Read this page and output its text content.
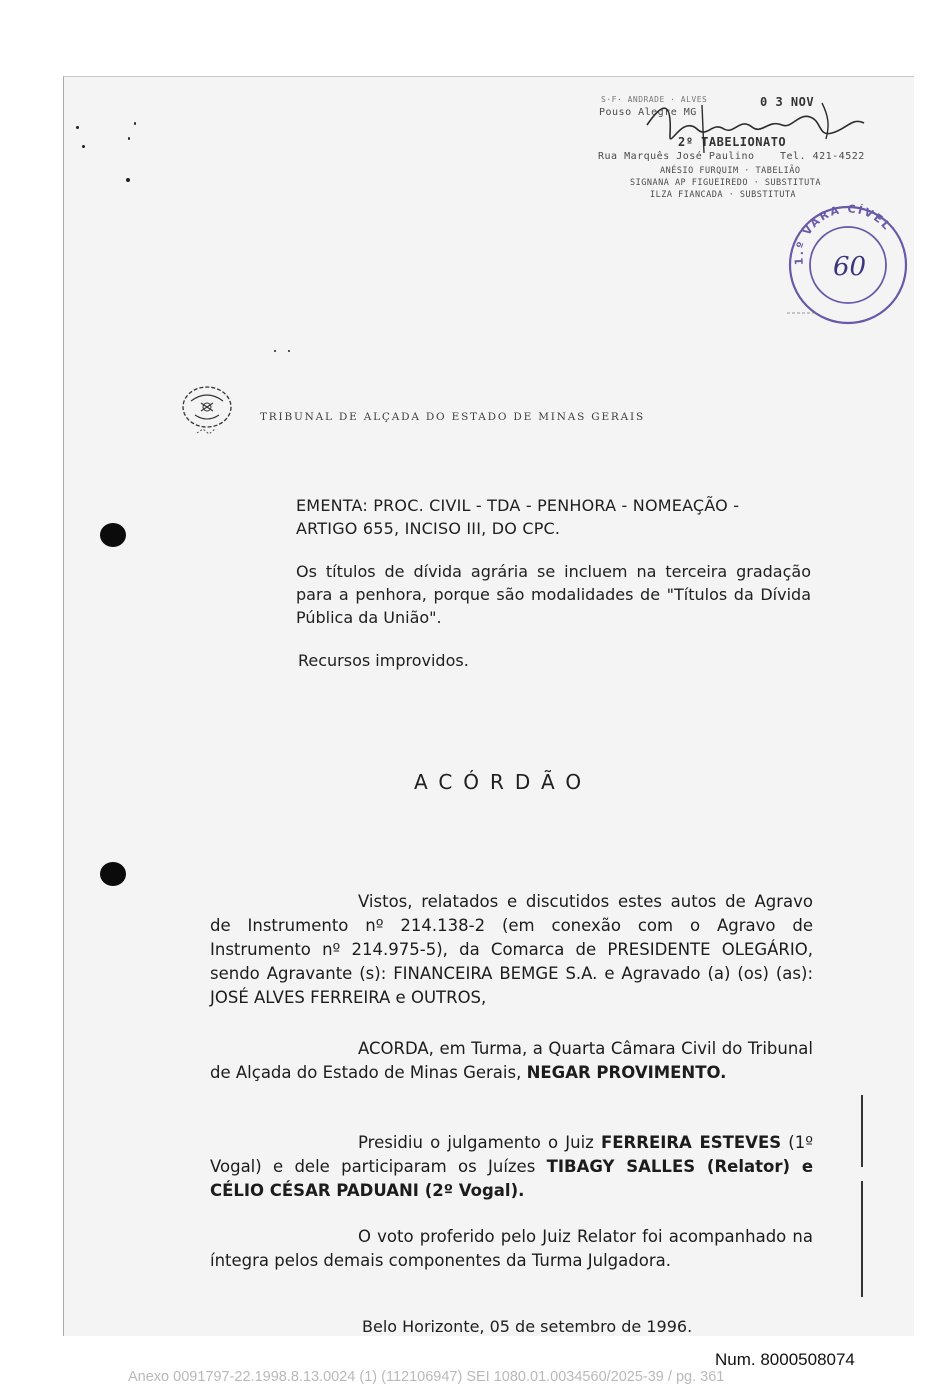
S·F· ANDRADE · ALVES
Pouso Alegre MG
0 3 NOV
2º TABELIONATO
Rua Marquês José Paulino	Tel. 421-4522
ANÉSIO FURQUIM · TABELIÃO
SIGNANA AP FIGUEIREDO · SUBSTITUTA
ILZA FIANCADA · SUBSTITUTA
1.º VARA CÍVEL
60
TRIBUNAL DE ALÇADA DO ESTADO DE MINAS GERAIS
EMENTA: PROC. CIVIL - TDA - PENHORA - NOMEAÇÃO -
ARTIGO 655, INCISO III, DO CPC.
Os títulos de dívida agrária se incluem na terceira gradação para a penhora, porque são modalidades de "Títulos da Dívida Pública da União".
Recursos improvidos.
ACÓRDÃO

Vistos, relatados e discutidos estes autos de Agravo de Instrumento nº 214.138-2 (em conexão com o Agravo de Instrumento nº 214.975-5), da Comarca de PRESIDENTE OLEGÁRIO, sendo Agravante (s): FINANCEIRA BEMGE S.A. e Agravado (a) (os) (as): JOSÉ ALVES FERREIRA e OUTROS,

ACORDA, em Turma, a Quarta Câmara Civil do Tribunal de Alçada do Estado de Minas Gerais, NEGAR PROVIMENTO.

Presidiu o julgamento o Juiz FERREIRA ESTEVES (1º Vogal) e dele participaram os Juízes TIBAGY SALLES (Relator) e CÉLIO CÉSAR PADUANI (2º Vogal).

O voto proferido pelo Juiz Relator foi acompanhado na íntegra pelos demais componentes da Turma Julgadora.

Belo Horizonte, 05 de setembro de 1996.
Num. 8000508074
Anexo 0091797-22.1998.8.13.0024 (1) (112106947) SEI 1080.01.0034560/2025-39 / pg. 361
